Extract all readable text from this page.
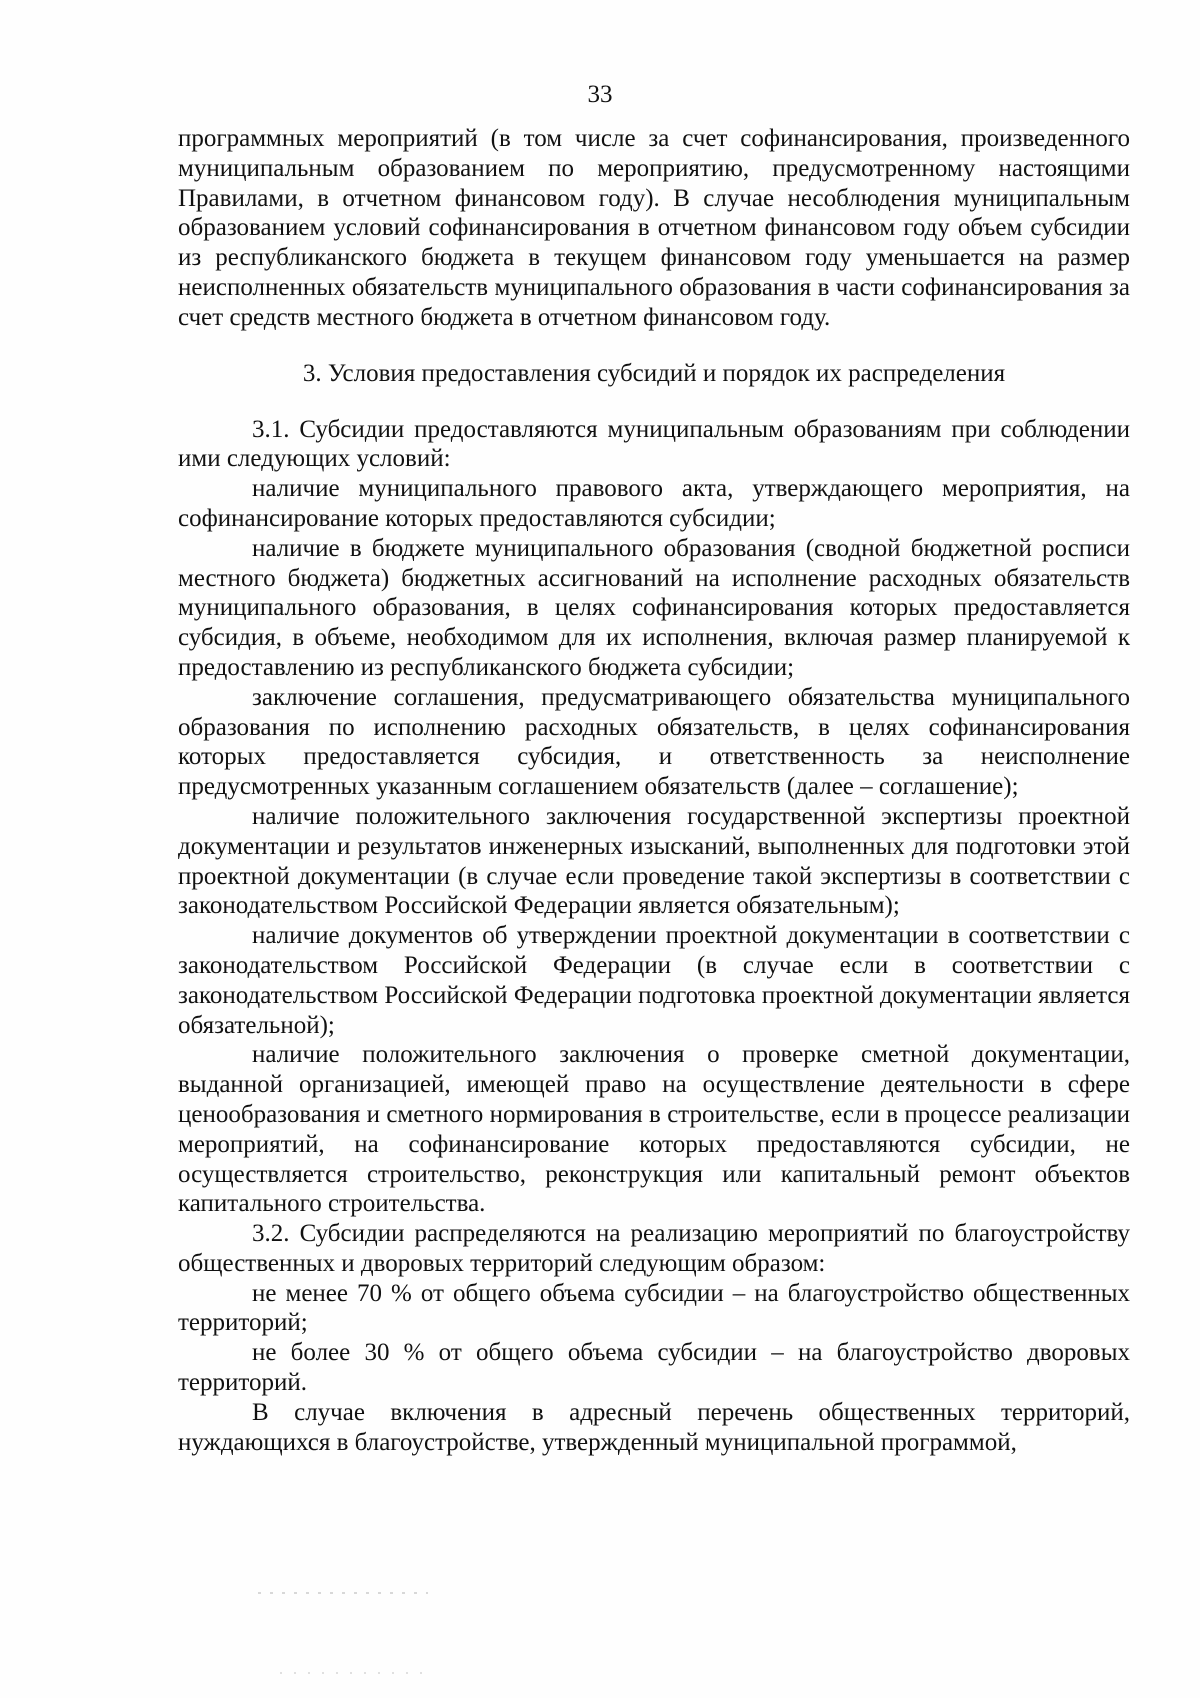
33

программных мероприятий (в том числе за счет софинансирования, произведенного муниципальным образованием по мероприятию, предусмотренному настоящими Правилами, в отчетном финансовом году). В случае несоблюдения муниципальным образованием условий софинансирования в отчетном финансовом году объем субсидии из республиканского бюджета в текущем финансовом году уменьшается на размер неисполненных обязательств муниципального образования в части софинансирования за счет средств местного бюджета в отчетном финансовом году.

3. Условия предоставления субсидий и порядок их распределения

3.1. Субсидии предоставляются муниципальным образованиям при соблюдении ими следующих условий:

наличие муниципального правового акта, утверждающего мероприятия, на софинансирование которых предоставляются субсидии;

наличие в бюджете муниципального образования (сводной бюджетной росписи местного бюджета) бюджетных ассигнований на исполнение расходных обязательств муниципального образования, в целях софинансирования которых предоставляется субсидия, в объеме, необходимом для их исполнения, включая размер планируемой к предоставлению из республиканского бюджета субсидии;

заключение соглашения, предусматривающего обязательства муниципального образования по исполнению расходных обязательств, в целях софинансирования которых предоставляется субсидия, и ответственность за неисполнение предусмотренных указанным соглашением обязательств (далее – соглашение);

наличие положительного заключения государственной экспертизы проектной документации и результатов инженерных изысканий, выполненных для подготовки этой проектной документации (в случае если проведение такой экспертизы в соответствии с законодательством Российской Федерации является обязательным);

наличие документов об утверждении проектной документации в соответствии с законодательством Российской Федерации (в случае если в соответствии с законодательством Российской Федерации подготовка проектной документации является обязательной);

наличие положительного заключения о проверке сметной документации, выданной организацией, имеющей право на осуществление деятельности в сфере ценообразования и сметного нормирования в строительстве, если в процессе реализации мероприятий, на софинансирование которых предоставляются субсидии, не осуществляется строительство, реконструкция или капитальный ремонт объектов капитального строительства.

3.2. Субсидии распределяются на реализацию мероприятий по благоустройству общественных и дворовых территорий следующим образом:

не менее 70 % от общего объема субсидии – на благоустройство общественных территорий;

не более 30 % от общего объема субсидии – на благоустройство дворовых территорий.

В случае включения в адресный перечень общественных территорий, нуждающихся в благоустройстве, утвержденный муниципальной программой,
